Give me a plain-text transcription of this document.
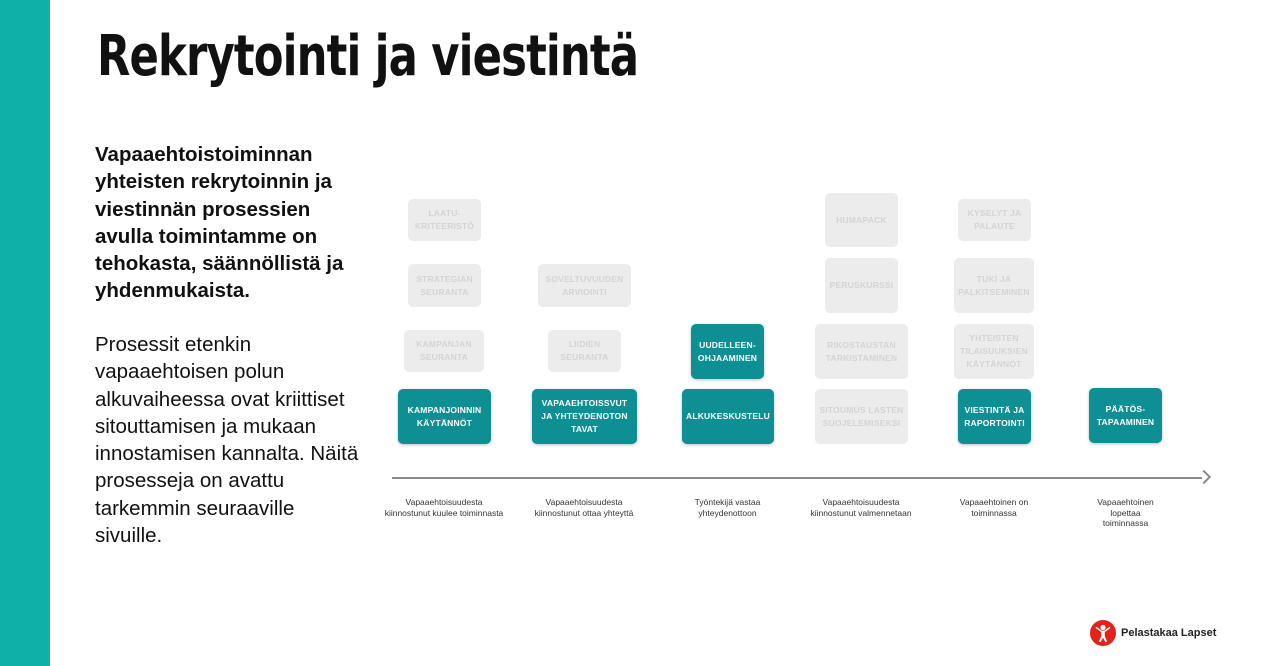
Rekrytointi ja viestintä

Vapaaehtoistoiminnan yhteisten rekrytoinnin ja viestinnän prosessien avulla toimintamme on tehokasta, säännöllistä ja yhdenmukaista.

Prosessit etenkin vapaaehtoisen polun alkuvaiheessa ovat kriittiset sitouttamisen ja mukaan innostamisen kannalta. Näitä prosesseja on avattu tarkemmin seuraaville sivuille.

LAATU-KRITEERISTÖ
STRATEGIAN SEURANTA
KAMPANJAN SEURANTA
KAMPANJOINNIN KÄYTÄNNÖT
SOVELTUVUUDEN ARVIOINTI
LIIDIEN SEURANTA
VAPAAEHTOISSVUT JA YHTEYDENOTON TAVAT
UUDELLEEN-OHJAAMINEN
ALKUKESKUSTELU
HUMAPACK
PERUSKURSSI
RIKOSTAUSTAN TARKISTAMINEN
SITOUMUS LASTEN SUOJELEMISEKSI
KYSELYT JA PALAUTE
TUKI JA PALKITSEMINEN
YHTEISTEN TILAISUUKSIEN KÄYTÄNNÖT
VIESTINTÄ JA RAPORTOINTI
PÄÄTÖS-TAPAAMINEN
Vapaaehtoisuudesta kiinnostunut kuulee toiminnasta
Vapaaehtoisuudesta kiinnostunut ottaa yhteyttä
Työntekijä vastaa yhteydenottoon
Vapaaehtoisuudesta kiinnostunut valmennetaan
Vapaaehtoinen on toiminnassa
Vapaaehtoinen lopettaa toiminnassa
Pelastakaa Lapset
